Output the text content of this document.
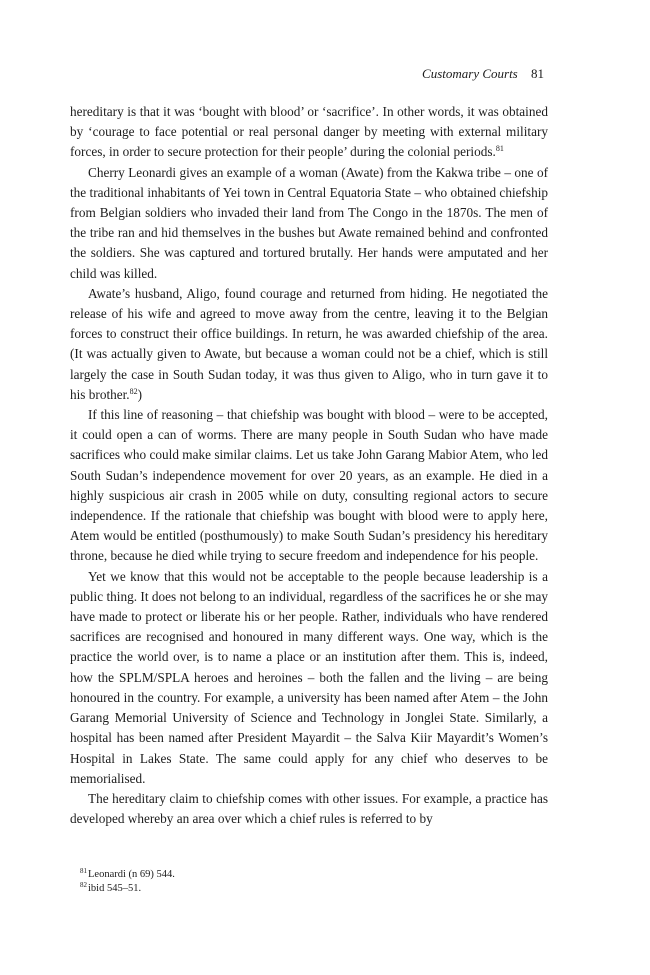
Customary Courts 81

hereditary is that it was ‘bought with blood’ or ‘sacrifice’. In other words, it was obtained by ‘courage to face potential or real personal danger by meeting with external military forces, in order to secure protection for their people’ during the colonial periods.$^{81}$

Cherry Leonardi gives an example of a woman (Awate) from the Kakwa tribe – one of the traditional inhabitants of Yei town in Central Equatoria State – who obtained chiefship from Belgian soldiers who invaded their land from The Congo in the 1870s. The men of the tribe ran and hid themselves in the bushes but Awate remained behind and confronted the soldiers. She was captured and tortured brutally. Her hands were amputated and her child was killed.

Awate’s husband, Aligo, found courage and returned from hiding. He negotiated the release of his wife and agreed to move away from the centre, leaving it to the Belgian forces to construct their office buildings. In return, he was awarded chiefship of the area. (It was actually given to Awate, but because a woman could not be a chief, which is still largely the case in South Sudan today, it was thus given to Aligo, who in turn gave it to his brother.$^{82}$)

If this line of reasoning – that chiefship was bought with blood – were to be accepted, it could open a can of worms. There are many people in South Sudan who have made sacrifices who could make similar claims. Let us take John Garang Mabior Atem, who led South Sudan’s independence movement for over 20 years, as an example. He died in a highly suspicious air crash in 2005 while on duty, consulting regional actors to secure independence. If the rationale that chiefship was bought with blood were to apply here, Atem would be entitled (posthumously) to make South Sudan’s presidency his hereditary throne, because he died while trying to secure freedom and independence for his people.

Yet we know that this would not be acceptable to the people because leadership is a public thing. It does not belong to an individual, regardless of the sacrifices he or she may have made to protect or liberate his or her people. Rather, individuals who have rendered sacrifices are recognised and honoured in many different ways. One way, which is the practice the world over, is to name a place or an institution after them. This is, indeed, how the SPLM/SPLA heroes and heroines – both the fallen and the living – are being honoured in the country. For example, a university has been named after Atem – the John Garang Memorial University of Science and Technology in Jonglei State. Similarly, a hospital has been named after President Mayardit – the Salva Kiir Mayardit’s Women’s Hospital in Lakes State. The same could apply for any chief who deserves to be memorialised.

The hereditary claim to chiefship comes with other issues. For example, a practice has developed whereby an area over which a chief rules is referred to by

$^{81}$Leonardi (n 69) 544.
$^{82}$ibid 545–51.
